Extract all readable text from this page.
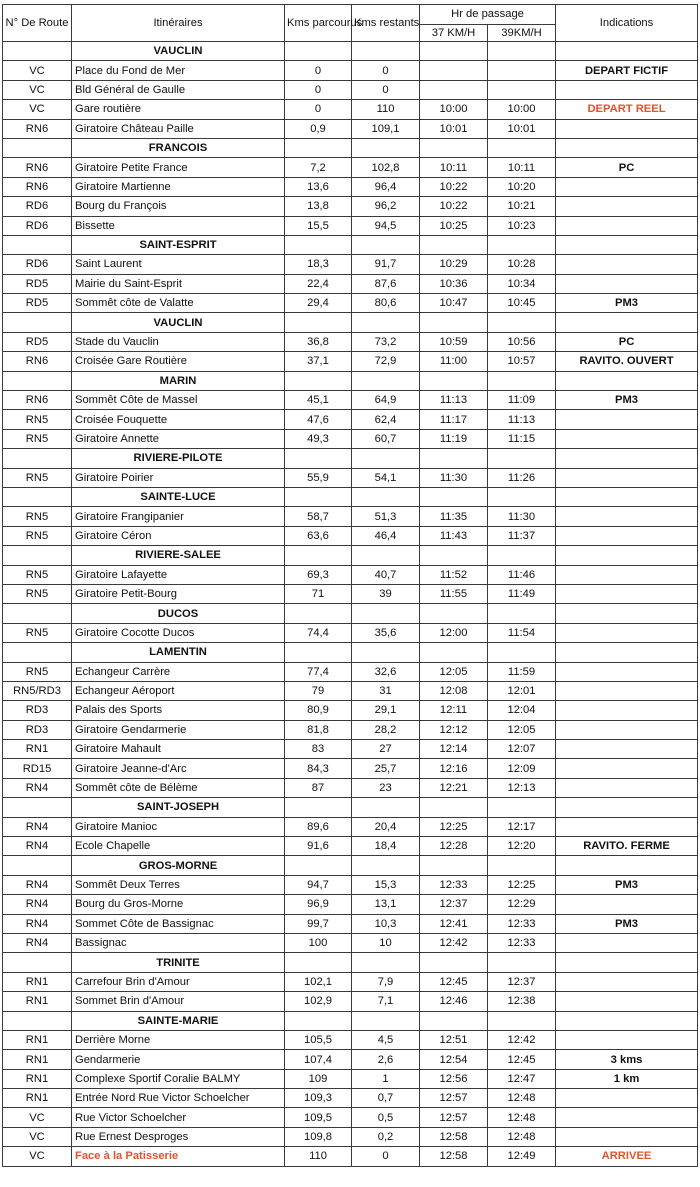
N° De Route	Itinéraires	Kms parcourus	Kms restants	Hr de passage		Indications
				37 KM/H	39KM/H	
	VAUCLIN					
VC	Place du Fond de Mer	0	0			DEPART FICTIF
VC	Bld Général de Gaulle	0	0			
VC	Gare routière	0	110	10:00	10:00	DEPART REEL
RN6	Giratoire Château Paille	0,9	109,1	10:01	10:01	
	FRANCOIS					
RN6	Giratoire Petite France	7,2	102,8	10:11	10:11	PC
RN6	Giratoire Martienne	13,6	96,4	10:22	10:20	
RD6	Bourg du François	13,8	96,2	10:22	10:21	
RD6	Bissette	15,5	94,5	10:25	10:23	
	SAINT-ESPRIT					
RD6	Saint Laurent	18,3	91,7	10:29	10:28	
RD5	Mairie du Saint-Esprit	22,4	87,6	10:36	10:34	
RD5	Sommêt côte de Valatte	29,4	80,6	10:47	10:45	PM3
	VAUCLIN					
RD5	Stade du Vauclin	36,8	73,2	10:59	10:56	PC
RN6	Croisée Gare Routière	37,1	72,9	11:00	10:57	RAVITO. OUVERT
	MARIN					
RN6	Sommêt Côte de Massel	45,1	64,9	11:13	11:09	PM3
RN5	Croisée Fouquette	47,6	62,4	11:17	11:13	
RN5	Giratoire Annette	49,3	60,7	11:19	11:15	
	RIVIERE-PILOTE					
RN5	Giratoire Poirier	55,9	54,1	11:30	11:26	
	SAINTE-LUCE					
RN5	Giratoire Frangipanier	58,7	51,3	11:35	11:30	
RN5	Giratoire Céron	63,6	46,4	11:43	11:37	
	RIVIERE-SALEE					
RN5	Giratoire Lafayette	69,3	40,7	11:52	11:46	
RN5	Giratoire Petit-Bourg	71	39	11:55	11:49	
	DUCOS					
RN5	Giratoire Cocotte Ducos	74,4	35,6	12:00	11:54	
	LAMENTIN					
RN5	Echangeur Carrère	77,4	32,6	12:05	11:59	
RN5/RD3	Echangeur Aéroport	79	31	12:08	12:01	
RD3	Palais des Sports	80,9	29,1	12:11	12:04	
RD3	Giratoire Gendarmerie	81,8	28,2	12:12	12:05	
RN1	Giratoire Mahault	83	27	12:14	12:07	
RD15	Giratoire Jeanne-d'Arc	84,3	25,7	12:16	12:09	
RN4	Sommêt côte de Bélème	87	23	12:21	12:13	
	SAINT-JOSEPH					
RN4	Giratoire Manioc	89,6	20,4	12:25	12:17	
RN4	Ecole Chapelle	91,6	18,4	12:28	12:20	RAVITO. FERME
	GROS-MORNE					
RN4	Sommêt Deux Terres	94,7	15,3	12:33	12:25	PM3
RN4	Bourg du Gros-Morne	96,9	13,1	12:37	12:29	
RN4	Sommet Côte de Bassignac	99,7	10,3	12:41	12:33	PM3
RN4	Bassignac	100	10	12:42	12:33	
	TRINITE					
RN1	Carrefour Brin d'Amour	102,1	7,9	12:45	12:37	
RN1	Sommet Brin d'Amour	102,9	7,1	12:46	12:38	
	SAINTE-MARIE					
RN1	Derrière Morne	105,5	4,5	12:51	12:42	
RN1	Gendarmerie	107,4	2,6	12:54	12:45	3 kms
RN1	Complexe Sportif Coralie BALMY	109	1	12:56	12:47	1 km
RN1	Entrée Nord Rue Victor Schoelcher	109,3	0,7	12:57	12:48	
VC	Rue Victor Schoelcher	109,5	0,5	12:57	12:48	
VC	Rue Ernest Desproges	109,8	0,2	12:58	12:48	
VC	Face à la Patisserie	110	0	12:58	12:49	ARRIVEE
